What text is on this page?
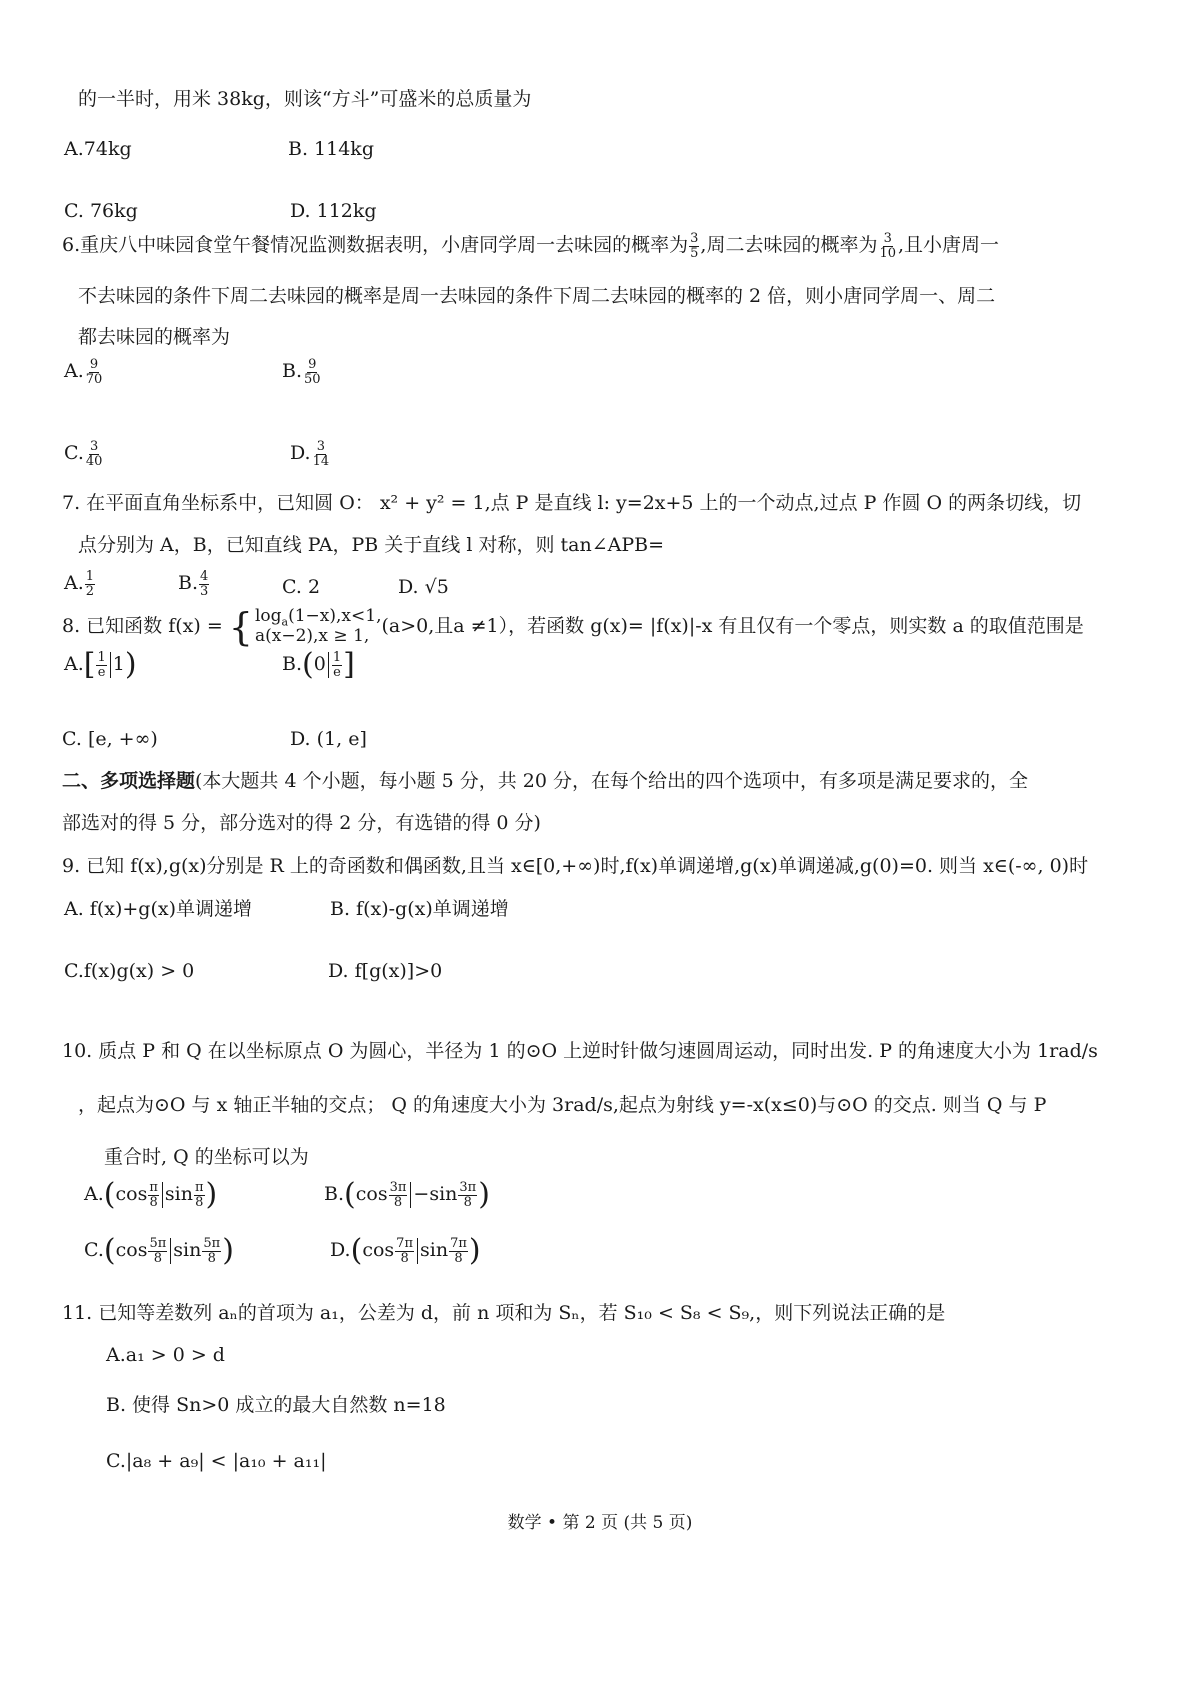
的一半时，用米 38kg，则该“方斗”可盛米的总质量为
A.74kg	B. 114kg
C. 76kg	D. 112kg
6.重庆八中味园食堂午餐情况监测数据表明，小唐同学周一去味园的概率为 $\frac{3}{5}$ ,周二去味园的概率为 $\frac{3}{10}$ ,且小唐周一
不去味园的条件下周二去味园的概率是周一去味园的条件下周二去味园的概率的 2 倍，则小唐同学周一、周二
都去味园的概率为
A. $\frac{9}{70}$	B. $\frac{9}{50}$
C. $\frac{3}{40}$	D. $\frac{3}{14}$
7. 在平面直角坐标系中，已知圆 O： x² + y² = 1,点 P 是直线 l: y=2x+5 上的一个动点,过点 P 作圆 O 的两条切线，切
点分别为 A，B，已知直线 PA，PB 关于直线 l 对称，则 tan∠APB=
A. $\frac{1}{2}$	B. $\frac{4}{3}$	C. 2	D. √5
8. 已知函数 f(x) = { $\log_a(1-x),x<1$,
a(x−2),x ≥ 1, (a>0,且a ≠1），若函数 g(x)= |f(x)|-x 有且仅有一个零点，则实数 a 的取值范围是
$A.[ \frac{1}{e} 1)$	$B.(0 \frac{1}{e}$ ]
C. [e, +∞)	D. (1, e]
二、多项选择题(本大题共 4 个小题，每小题 5 分，共 20 分，在每个给出的四个选项中，有多项是满足要求的，全
部选对的得 5 分，部分选对的得 2 分，有选错的得 0 分)
9. 已知 f(x),g(x)分别是 R 上的奇函数和偶函数,且当 x∈[0,+∞)时,f(x)单调递增,g(x)单调递减,g(0)=0. 则当 x∈(-∞, 0)时
A. f(x)+g(x)单调递增	B. f(x)-g(x)单调递增
C.f(x)g(x) > 0	D. f[g(x)]>0
10. 质点 P 和 Q 在以坐标原点 O 为圆心，半径为 1 的⊙O 上逆时针做匀速圆周运动，同时出发. P 的角速度大小为 1rad/s
，起点为⊙O 与 x 轴正半轴的交点； Q 的角速度大小为 3rad/s,起点为射线 y=-x(x≤0)与⊙O 的交点. 则当 Q 与 P
重合时, Q 的坐标可以为
$A.(\cos \frac{\pi}{8}$ $\sin \frac{\pi}{8}$ )	$B.(\cos \frac{3\pi}{8} -\sin \frac{3\pi}{8}$ )
$C.(\cos \frac{5\pi}{8}$ $\sin \frac{5\pi}{8}$ )	$D.(\cos \frac{7\pi}{8}$ $\sin \frac{7\pi}{8}$ )
11. 已知等差数列 aₙ的首项为 a₁，公差为 d，前 n 项和为 Sₙ，若 S₁₀ < S₈ < S₉,，则下列说法正确的是
A.a₁ > 0 > d
B. 使得 Sn>0 成立的最大自然数 n=18
C.|a₈ + a₉| < |a₁₀ + a₁₁|
数学 • 第 2 页 (共 5 页)
